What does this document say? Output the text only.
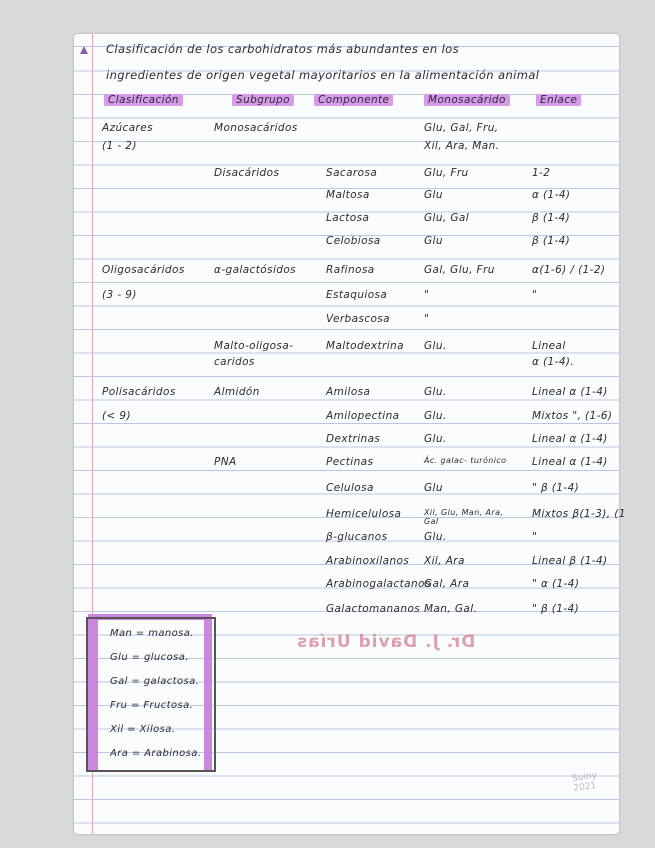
Clasificación de los carbohidratos más abundantes en los
ingredientes de origen vegetal mayoritarios en la alimentación animal
Clasificación	Subgrupo	Componente	Monosacárido	Enlace
Azúcares	Monosacáridos	Glu, Gal, Fru,
(1 - 2)	Xil, Ara, Man.
Disacáridos	Sacarosa	Glu, Fru	1-2
Maltosa	Glu	α (1-4)
Lactosa	Glu, Gal	β (1-4)
Celobiosa	Glu	β (1-4)
Oligosacáridos	α-galactósidos	Rafinosa	Gal, Glu, Fru	α(1-6) / (1-2)
(3 - 9)	Estaquiosa	"	"
Verbascosa	"
Malto-oligosa-	Maltodextrina Glu.	Lineal
caridos	α (1-4).
Polisacáridos	Almidón	Amilosa	Glu.	Lineal α (1-4)
(< 9)	Amilopectina Glu.	Mixtos ", (1-6)
Dextrinas	Glu.	Lineal α (1-4)
PNA	Pectinas	Ác. galac- turónico	Lineal α (1-4)
Celulosa	Glu	" β (1-4)
Hemicelulosa	Xil, Glu, Man, Ara, Gal
Mixtos β(1-3), (1
β-glucanos	Glu.	"
Arabinoxilanos Xil, Ara	Lineal β (1-4)
Arabinogalactanos
Gal, Ara	" α (1-4)
Galactomananos Man, Gal.	" β (1-4)
Dr. J. David Urías
Man = manosa.
Glu = glucosa.
Gal = galactosa.
Fru = Fructosa.
Xil = Xilosa.
Ara = Arabinosa.
Suiny 2021
